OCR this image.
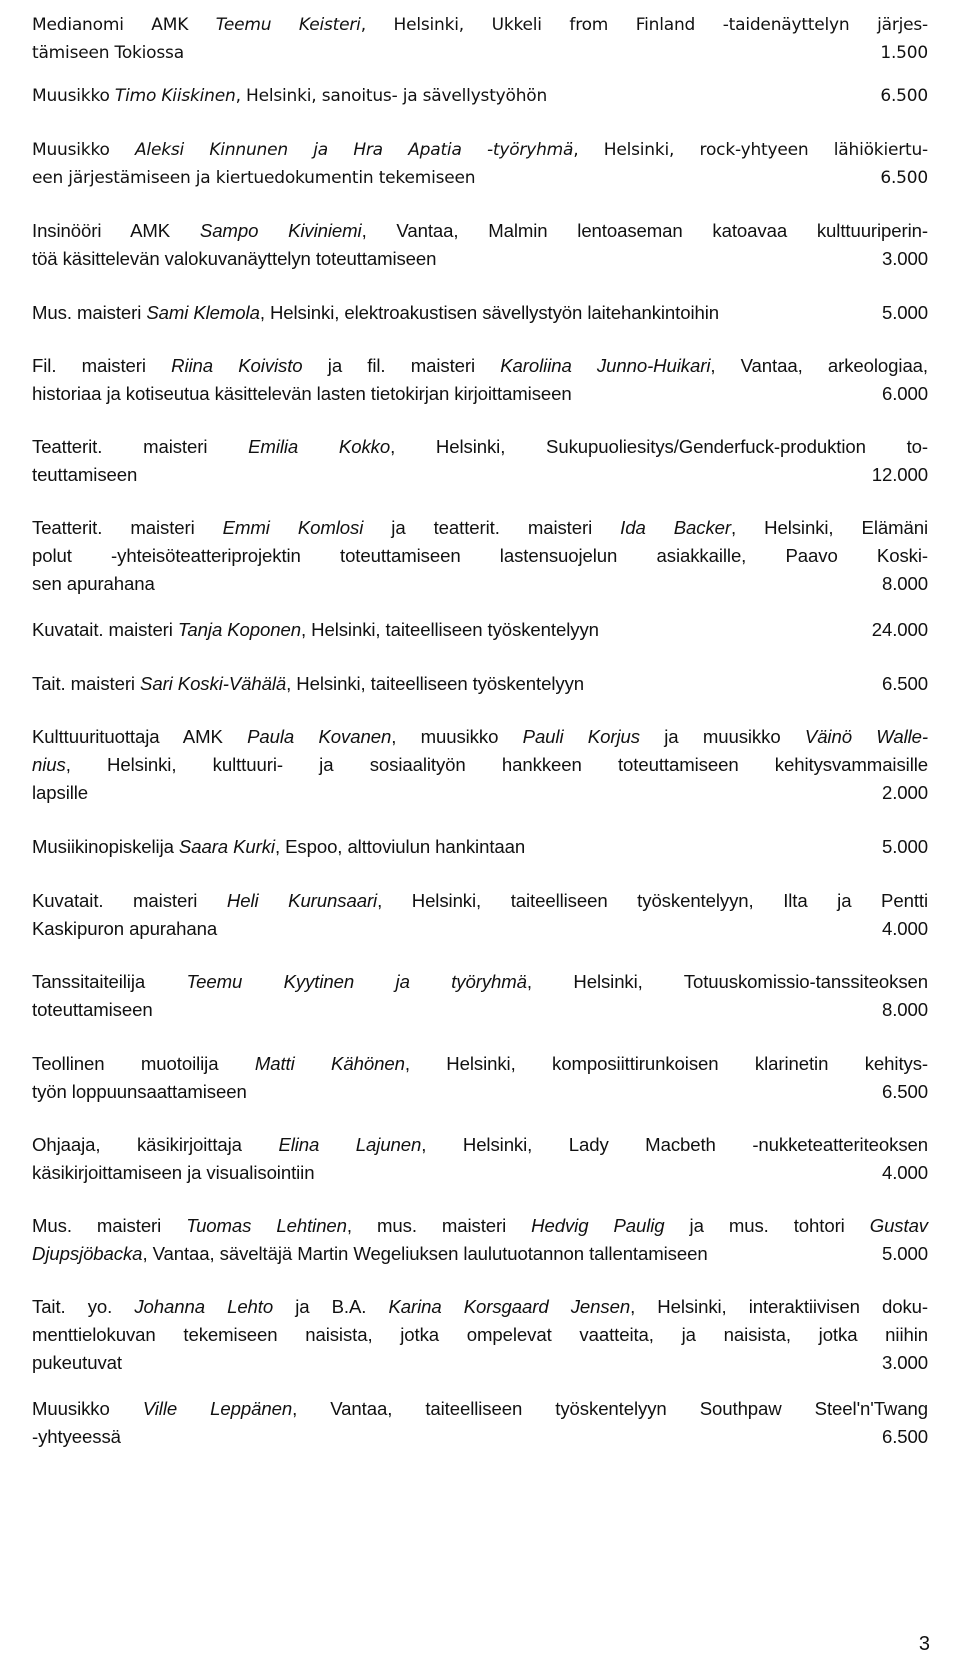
Medianomi AMK Teemu Keisteri, Helsinki, Ukkeli from Finland -taidenäyttelyn järjes-
tämiseen Tokiossa	1.500
Muusikko Timo Kiiskinen, Helsinki, sanoitus- ja sävellystyöhön	6.500
Muusikko Aleksi Kinnunen ja Hra Apatia -työryhmä, Helsinki, rock-yhtyeen lähiökiertu-
een järjestämiseen ja kiertuedokumentin tekemiseen	6.500
Insinööri AMK Sampo Kiviniemi, Vantaa, Malmin lentoaseman katoavaa kulttuuriperin-
töä käsittelevän valokuvanäyttelyn toteuttamiseen	3.000
Mus. maisteri Sami Klemola, Helsinki, elektroakustisen sävellystyön laitehankintoihin	5.000
Fil. maisteri Riina Koivisto ja fil. maisteri Karoliina Junno-Huikari, Vantaa, arkeologiaa,
historiaa ja kotiseutua käsittelevän lasten tietokirjan kirjoittamiseen	6.000
Teatterit. maisteri Emilia Kokko, Helsinki, Sukupuoliesitys/Genderfuck-produktion to-
teuttamiseen	12.000
Teatterit. maisteri Emmi Komlosi ja teatterit. maisteri Ida Backer, Helsinki, Elämäni
polut -yhteisöteatteriprojektin toteuttamiseen lastensuojelun asiakkaille, Paavo Koski-
sen apurahana	8.000
Kuvatait. maisteri Tanja Koponen, Helsinki, taiteelliseen työskentelyyn	24.000
Tait. maisteri Sari Koski-Vähälä, Helsinki, taiteelliseen työskentelyyn	6.500
Kulttuurituottaja AMK Paula Kovanen, muusikko Pauli Korjus ja muusikko Väinö Walle-
nius, Helsinki, kulttuuri- ja sosiaalityön hankkeen toteuttamiseen kehitysvammaisille
lapsille	2.000
Musiikinopiskelija Saara Kurki, Espoo, alttoviulun hankintaan	5.000
Kuvatait. maisteri Heli Kurunsaari, Helsinki, taiteelliseen työskentelyyn, Ilta ja Pentti
Kaskipuron apurahana	4.000
Tanssitaiteilija Teemu Kyytinen ja työryhmä, Helsinki, Totuuskomissio-tanssiteoksen
toteuttamiseen	8.000
Teollinen muotoilija Matti Kähönen, Helsinki, komposiittirunkoisen klarinetin kehitys-
työn loppuunsaattamiseen	6.500
Ohjaaja, käsikirjoittaja Elina Lajunen, Helsinki, Lady Macbeth -nukketeatteriteoksen
käsikirjoittamiseen ja visualisointiin	4.000
Mus. maisteri Tuomas Lehtinen, mus. maisteri Hedvig Paulig ja mus. tohtori Gustav
Djupsjöbacka, Vantaa, säveltäjä Martin Wegeliuksen laulutuotannon tallentamiseen	5.000
Tait. yo. Johanna Lehto ja B.A. Karina Korsgaard Jensen, Helsinki, interaktiivisen doku-
menttielokuvan tekemiseen naisista, jotka ompelevat vaatteita, ja naisista, jotka niihin
pukeutuvat	3.000
Muusikko Ville Leppänen, Vantaa, taiteelliseen työskentelyyn Southpaw Steel'n'Twang
-yhtyeessä	6.500
3
